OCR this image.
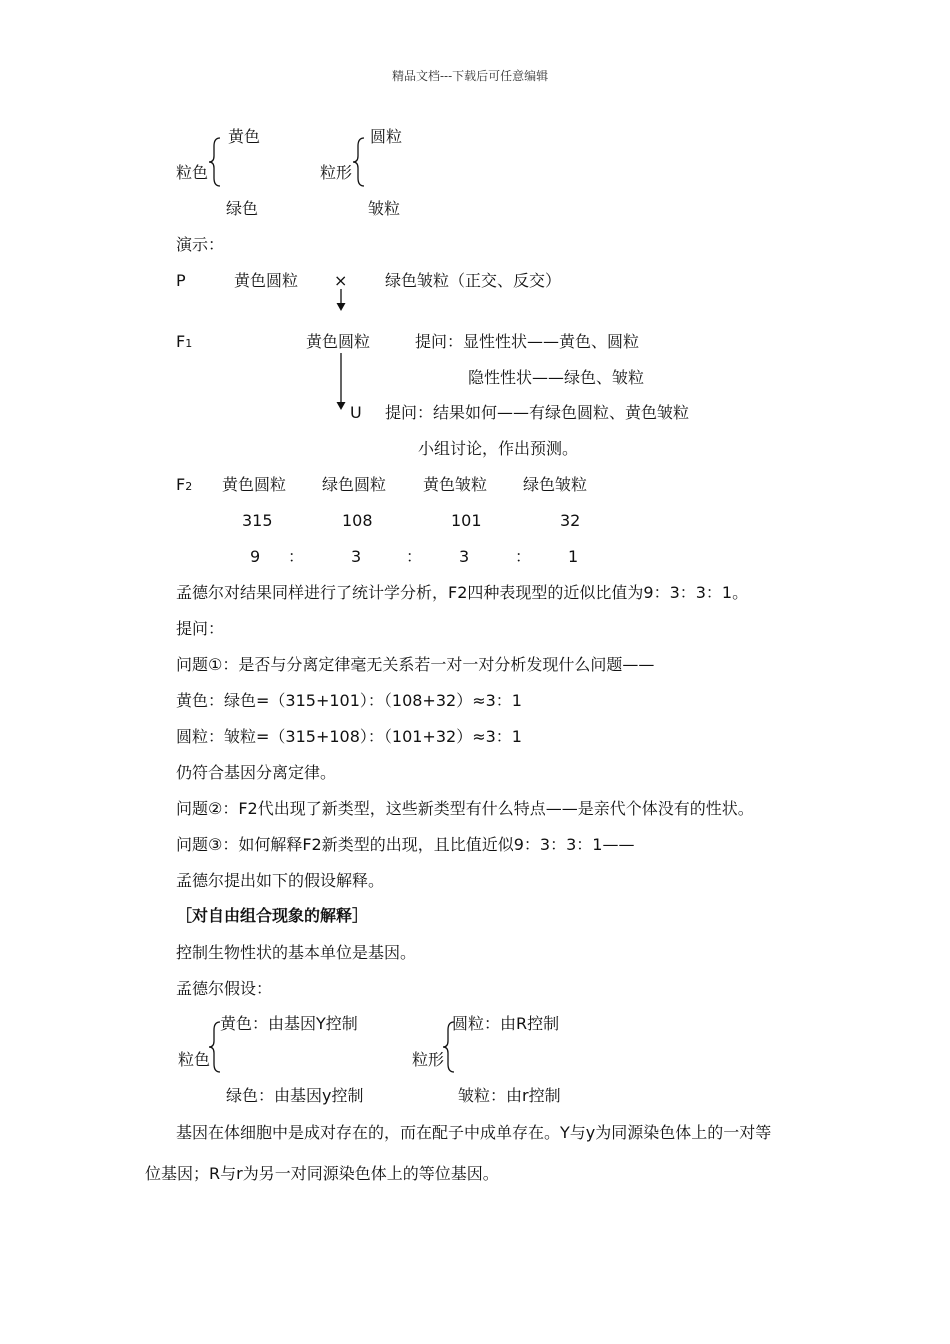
精品文档---下载后可任意编辑
黄色
粒色
绿色
圆粒
粒形
皱粒
演示：
P	黄色圆粒 × 绿色皱粒（正交、反交）
F1	黄色圆粒	提问：显性性状——黄色、圆粒
隐性性状——绿色、皱粒
U 提问：结果如何——有绿色圆粒、黄色皱粒
小组讨论，作出预测。
F2 黄色圆粒 绿色圆粒 黄色皱粒 绿色皱粒
315	108	101	32
9 ：	3	： 3	： 1
孟德尔对结果同样进行了统计学分析，F2四种表现型的近似比值为9：3：3：1。
提问：
问题①：是否与分离定律毫无关系若一对一对分析发现什么问题——
黄色：绿色=（315+101）：（108+32）≈3：1
圆粒：皱粒=（315+108）：（101+32）≈3：1
仍符合基因分离定律。
问题②：F2代出现了新类型，这些新类型有什么特点——是亲代个体没有的性状。
问题③：如何解释F2新类型的出现，且比值近似9：3：3：1——
孟德尔提出如下的假设解释。
［对自由组合现象的解释］
控制生物性状的基本单位是基因。
孟德尔假设：
黄色：由基因Y控制
粒色
绿色：由基因y控制
圆粒：由R控制
粒形
皱粒：由r控制
基因在体细胞中是成对存在的，而在配子中成单存在。Y与y为同源染色体上的一对等
位基因；R与r为另一对同源染色体上的等位基因。
